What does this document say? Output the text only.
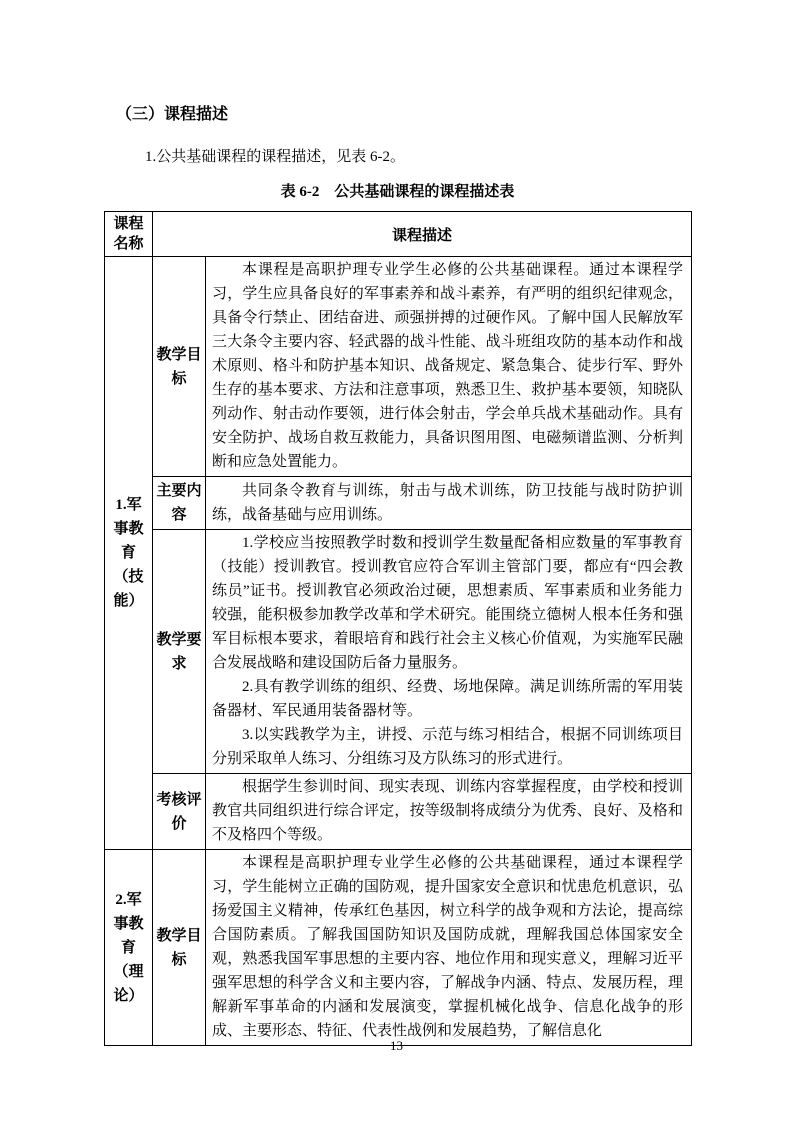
（三）课程描述

1.公共基础课程的课程描述，见表 6-2。

表 6-2　公共基础课程的课程描述表
课程名称	课程描述	
1.军事教育（技能）	教学目标	本课程是高职护理专业学生必修的公共基础课程。通过本课程学习，学生应具备良好的军事素养和战斗素养，有严明的组织纪律观念，具备令行禁止、团结奋进、顽强拼搏的过硬作风。了解中国人民解放军三大条令主要内容、轻武器的战斗性能、战斗班组攻防的基本动作和战术原则、格斗和防护基本知识、战备规定、紧急集合、徒步行军、野外生存的基本要求、方法和注意事项，熟悉卫生、救护基本要领，知晓队列动作、射击动作要领，进行体会射击，学会单兵战术基础动作。具有安全防护、战场自救互救能力，具备识图用图、电磁频谱监测、分析判断和应急处置能力。

	主要内容	共同条令教育与训练，射击与战术训练，防卫技能与战时防护训练，战备基础与应用训练。

	教学要求	1.学校应当按照教学时数和授训学生数量配备相应数量的军事教育（技能）授训教官。授训教官应符合军训主管部门要，都应有“四会教练员”证书。授训教官必须政治过硬，思想素质、军事素质和业务能力较强，能积极参加教学改革和学术研究。能围绕立德树人根本任务和强军目标根本要求，着眼培育和践行社会主义核心价值观，为实施军民融合发展战略和建设国防后备力量服务。

2.具有教学训练的组织、经费、场地保障。满足训练所需的军用装备器材、军民通用装备器材等。

3.以实践教学为主，讲授、示范与练习相结合，根据不同训练项目分别采取单人练习、分组练习及方队练习的形式进行。

	考核评价	根据学生参训时间、现实表现、训练内容掌握程度，由学校和授训教官共同组织进行综合评定，按等级制将成绩分为优秀、良好、及格和不及格四个等级。

2.军事教育（理论）	教学目标	本课程是高职护理专业学生必修的公共基础课程，通过本课程学习，学生能树立正确的国防观，提升国家安全意识和忧患危机意识，弘扬爱国主义精神，传承红色基因，树立科学的战争观和方法论，提高综合国防素质。了解我国国防知识及国防成就，理解我国总体国家安全观，熟悉我国军事思想的主要内容、地位作用和现实意义，理解习近平强军思想的科学含义和主要内容，了解战争内涵、特点、发展历程，理解新军事革命的内涵和发展演变，掌握机械化战争、信息化战争的形成、主要形态、特征、代表性战例和发展趋势，了解信息化

13
